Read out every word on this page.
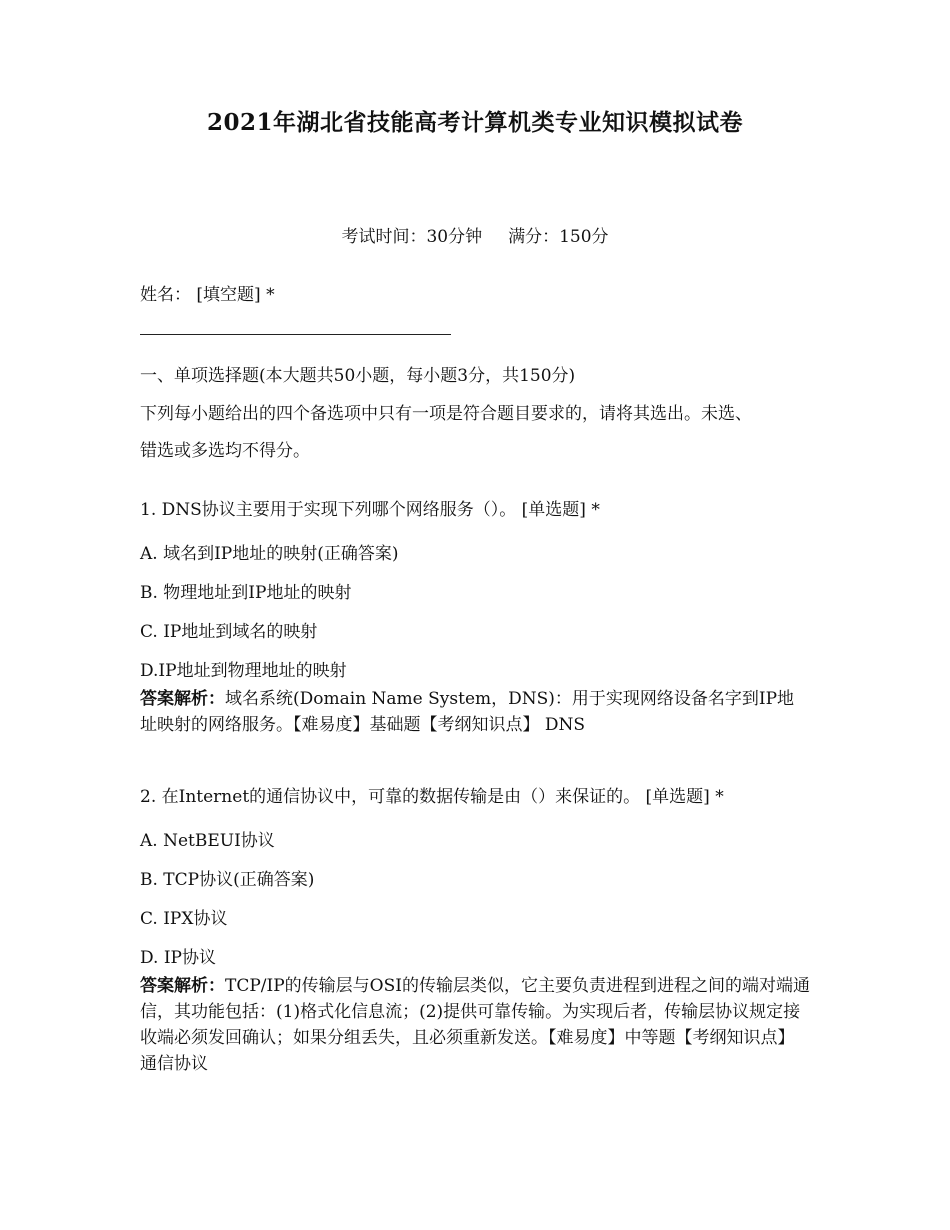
2021年湖北省技能高考计算机类专业知识模拟试卷
考试时间：30分钟 满分：150分
姓名： [填空题] *
一、单项选择题(本大题共50小题，每小题3分，共150分)
下列每小题给出的四个备选项中只有一项是符合题目要求的，请将其选出。未选、
错选或多选均不得分。
1. DNS协议主要用于实现下列哪个网络服务（）。 [单选题] *
A. 域名到IP地址的映射(正确答案)
B. 物理地址到IP地址的映射
C. IP地址到域名的映射
D.IP地址到物理地址的映射
答案解析：域名系统(Domain Name System，DNS)：用于实现网络设备名字到IP地址映射的网络服务。【难易度】基础题【考纲知识点】 DNS
2. 在Internet的通信协议中，可靠的数据传输是由（）来保证的。 [单选题] *
A. NetBEUI协议
B. TCP协议(正确答案)
C. IPX协议
D. IP协议
答案解析：TCP/IP的传输层与OSI的传输层类似，它主要负责进程到进程之间的端对端通信，其功能包括：(1)格式化信息流；(2)提供可靠传输。为实现后者，传输层协议规定接收端必须发回确认；如果分组丢失，且必须重新发送。【难易度】中等题【考纲知识点】通信协议
